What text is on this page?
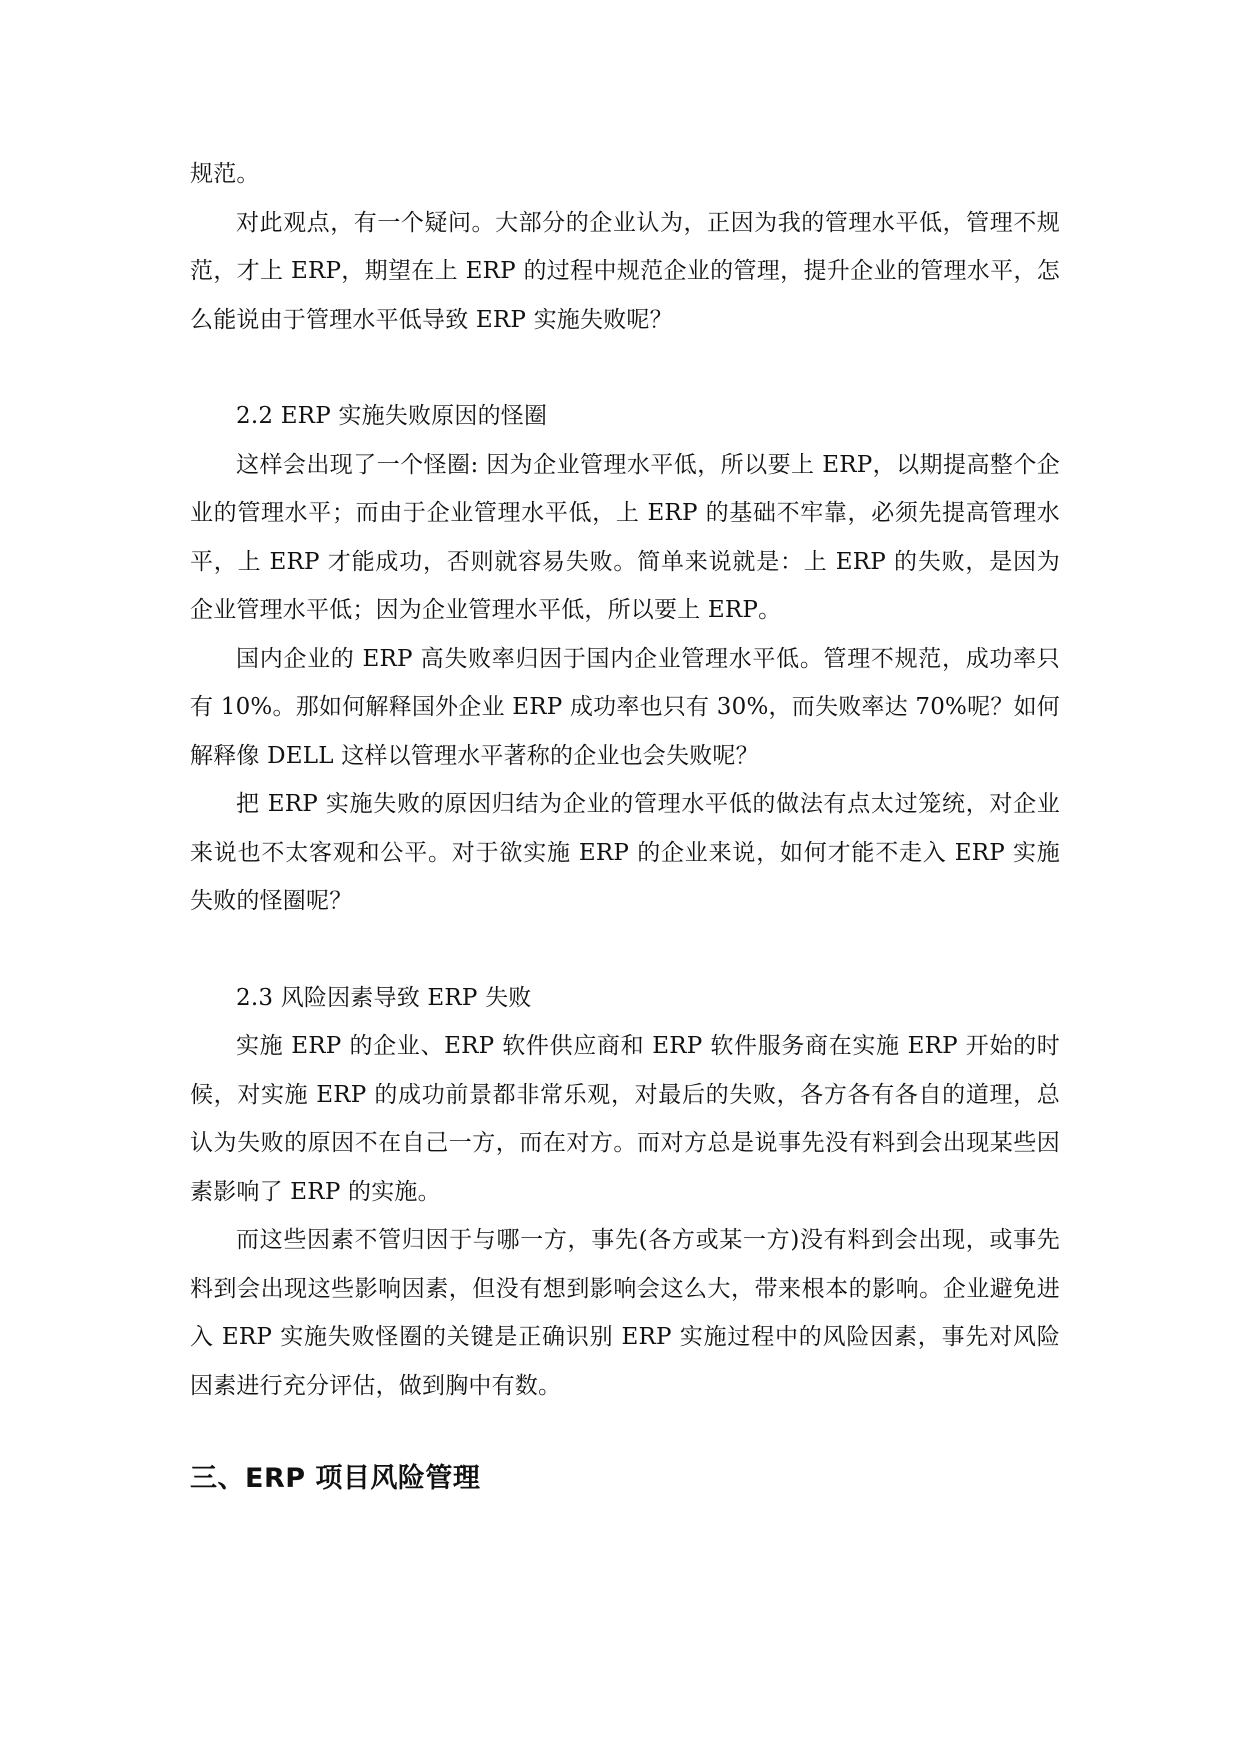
规范。

对此观点，有一个疑问。大部分的企业认为，正因为我的管理水平低，管理不规范，才上 ERP，期望在上 ERP 的过程中规范企业的管理，提升企业的管理水平，怎么能说由于管理水平低导致 ERP 实施失败呢？

2.2 ERP 实施失败原因的怪圈

这样会出现了一个怪圈: 因为企业管理水平低，所以要上 ERP，以期提高整个企业的管理水平；而由于企业管理水平低，上 ERP 的基础不牢靠，必须先提高管理水平，上 ERP 才能成功，否则就容易失败。简单来说就是：上 ERP 的失败，是因为企业管理水平低；因为企业管理水平低，所以要上 ERP。

国内企业的 ERP 高失败率归因于国内企业管理水平低。管理不规范，成功率只有 10%。那如何解释国外企业 ERP 成功率也只有 30%，而失败率达 70%呢？如何解释像 DELL 这样以管理水平著称的企业也会失败呢？

把 ERP 实施失败的原因归结为企业的管理水平低的做法有点太过笼统，对企业来说也不太客观和公平。对于欲实施 ERP 的企业来说，如何才能不走入 ERP 实施失败的怪圈呢？

2.3 风险因素导致 ERP 失败

实施 ERP 的企业、ERP 软件供应商和 ERP 软件服务商在实施 ERP 开始的时候，对实施 ERP 的成功前景都非常乐观，对最后的失败，各方各有各自的道理，总认为失败的原因不在自己一方，而在对方。而对方总是说事先没有料到会出现某些因素影响了 ERP 的实施。

而这些因素不管归因于与哪一方，事先(各方或某一方)没有料到会出现，或事先料到会出现这些影响因素，但没有想到影响会这么大，带来根本的影响。企业避免进入 ERP 实施失败怪圈的关键是正确识别 ERP 实施过程中的风险因素，事先对风险因素进行充分评估，做到胸中有数。

三、ERP 项目风险管理
